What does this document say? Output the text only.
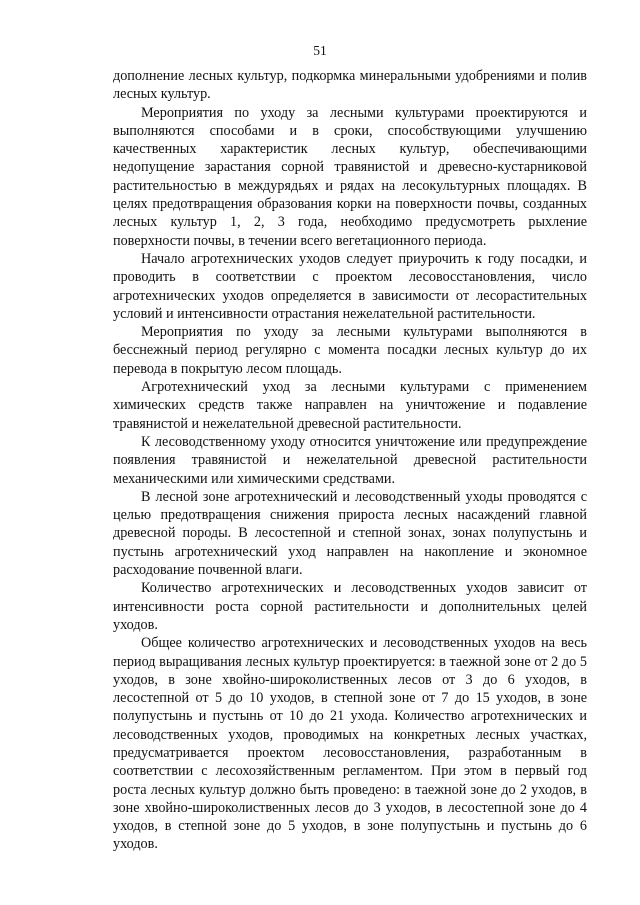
51

дополнение лесных культур, подкормка минеральными удобрениями и полив лесных культур.

Мероприятия по уходу за лесными культурами проектируются и выполняются способами и в сроки, способствующими улучшению качественных характеристик лесных культур, обеспечивающими недопущение зарастания сорной травянистой и древесно-кустарниковой растительностью в междурядьях и рядах на лесокультурных площадях. В целях предотвращения образования корки на поверхности почвы, созданных лесных культур 1, 2, 3 года, необходимо предусмотреть рыхление поверхности почвы, в течении всего вегетационного периода.

Начало агротехнических уходов следует приурочить к году посадки, и проводить в соответствии с проектом лесовосстановления, число агротехнических уходов определяется в зависимости от лесорастительных условий и интенсивности отрастания нежелательной растительности.

Мероприятия по уходу за лесными культурами выполняются в бесснежный период регулярно с момента посадки лесных культур до их перевода в покрытую лесом площадь.

Агротехнический уход за лесными культурами с применением химических средств также направлен на уничтожение и подавление травянистой и нежелательной древесной растительности.

К лесоводственному уходу относится уничтожение или предупреждение появления травянистой и нежелательной древесной растительности механическими или химическими средствами.

В лесной зоне агротехнический и лесоводственный уходы проводятся с целью предотвращения снижения прироста лесных насаждений главной древесной породы. В лесостепной и степной зонах, зонах полупустынь и пустынь агротехнический уход направлен на накопление и экономное расходование почвенной влаги.

Количество агротехнических и лесоводственных уходов зависит от интенсивности роста сорной растительности и дополнительных целей уходов.

Общее количество агротехнических и лесоводственных уходов на весь период выращивания лесных культур проектируется: в таежной зоне от 2 до 5 уходов, в зоне хвойно-широколиственных лесов от 3 до 6 уходов, в лесостепной от 5 до 10 уходов, в степной зоне от 7 до 15 уходов, в зоне полупустынь и пустынь от 10 до 21 ухода. Количество агротехнических и лесоводственных уходов, проводимых на конкретных лесных участках, предусматривается проектом лесовосстановления, разработанным в соответствии с лесохозяйственным регламентом. При этом в первый год роста лесных культур должно быть проведено: в таежной зоне до 2 уходов, в зоне хвойно-широколиственных лесов до 3 уходов, в лесостепной зоне до 4 уходов, в степной зоне до 5 уходов, в зоне полупустынь и пустынь до 6 уходов.
